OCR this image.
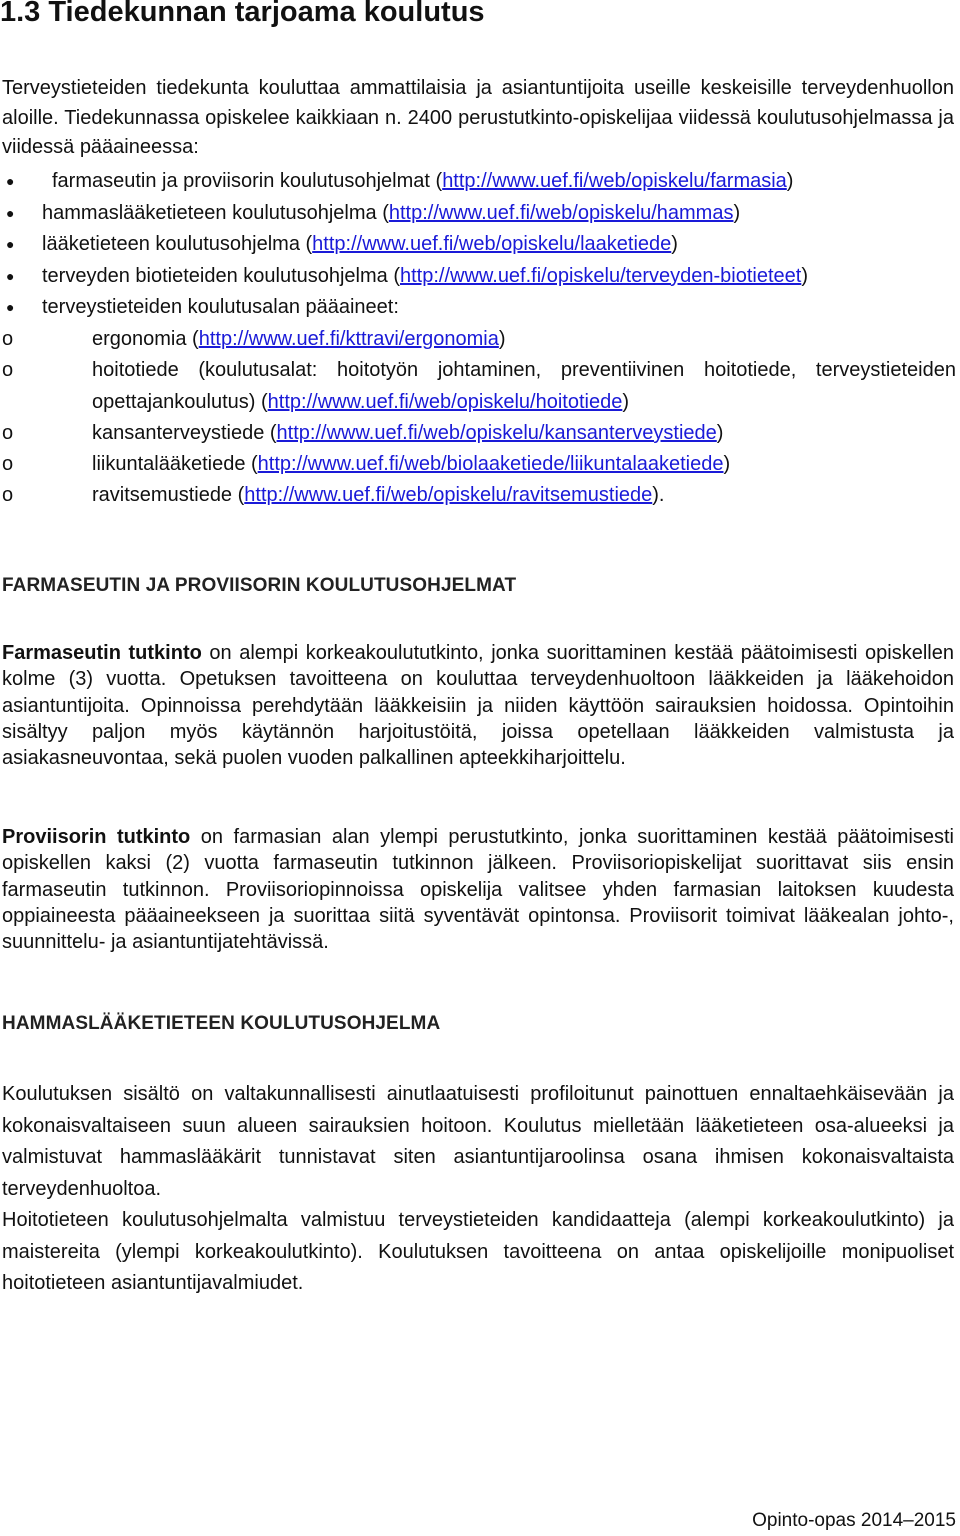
1.3 Tiedekunnan tarjoama koulutus

Terveystieteiden tiedekunta kouluttaa ammattilaisia ja asiantuntijoita useille keskeisille terveydenhuollon aloille. Tiedekunnassa opiskelee kaikkiaan n. 2400 perustutkinto-opiskelijaa viidessä koulutusohjelmassa ja viidessä pääaineessa:

● farmaseutin ja proviisorin koulutusohjelmat (http://www.uef.fi/web/opiskelu/farmasia)
● hammaslääketieteen koulutusohjelma (http://www.uef.fi/web/opiskelu/hammas)
● lääketieteen koulutusohjelma (http://www.uef.fi/web/opiskelu/laaketiede)
● terveyden biotieteiden koulutusohjelma (http://www.uef.fi/opiskelu/terveyden-biotieteet)
● terveystieteiden koulutusalan pääaineet:
o	ergonomia (http://www.uef.fi/kttravi/ergonomia)
o	hoitotiede (koulutusalat: hoitotyön johtaminen, preventiivinen hoitotiede, terveystieteiden opettajankoulutus) (http://www.uef.fi/web/opiskelu/hoitotiede)
o	kansanterveystiede (http://www.uef.fi/web/opiskelu/kansanterveystiede)
o	liikuntalääketiede (http://www.uef.fi/web/biolaaketiede/liikuntalaaketiede)
o	ravitsemustiede (http://www.uef.fi/web/opiskelu/ravitsemustiede).
FARMASEUTIN JA PROVIISORIN KOULUTUSOHJELMAT

Farmaseutin tutkinto on alempi korkeakoulututkinto, jonka suorittaminen kestää päätoimisesti opiskellen kolme (3) vuotta. Opetuksen tavoitteena on kouluttaa terveydenhuoltoon lääkkeiden ja lääkehoidon asiantuntijoita. Opinnoissa perehdytään lääkkeisiin ja niiden käyttöön sairauksien hoidossa. Opintoihin sisältyy paljon myös käytännön harjoitustöitä, joissa opetellaan lääkkeiden valmistusta ja asiakasneuvontaa, sekä puolen vuoden palkallinen apteekkiharjoittelu.

Proviisorin tutkinto on farmasian alan ylempi perustutkinto, jonka suorittaminen kestää päätoimisesti opiskellen kaksi (2) vuotta farmaseutin tutkinnon jälkeen. Proviisoriopiskelijat suorittavat siis ensin farmaseutin tutkinnon. Proviisoriopinnoissa opiskelija valitsee yhden farmasian laitoksen kuudesta oppiaineesta pääaineekseen ja suorittaa siitä syventävät opintonsa. Proviisorit toimivat lääkealan johto-, suunnittelu- ja asiantuntijatehtävissä.

HAMMASLÄÄKETIETEEN KOULUTUSOHJELMA

Koulutuksen sisältö on valtakunnallisesti ainutlaatuisesti profiloitunut painottuen ennaltaehkäisevään ja kokonaisvaltaiseen suun alueen sairauksien hoitoon. Koulutus mielletään lääketieteen osa-alueeksi ja valmistuvat hammaslääkärit tunnistavat siten asiantuntijaroolinsa osana ihmisen kokonaisvaltaista terveydenhuoltoa.

Hoitotieteen koulutusohjelmalta valmistuu terveystieteiden kandidaatteja (alempi korkeakoulutkinto) ja maistereita (ylempi korkeakoulutkinto). Koulutuksen tavoitteena on antaa opiskelijoille monipuoliset hoitotieteen asiantuntijavalmiudet.

Opinto-opas 2014–2015
